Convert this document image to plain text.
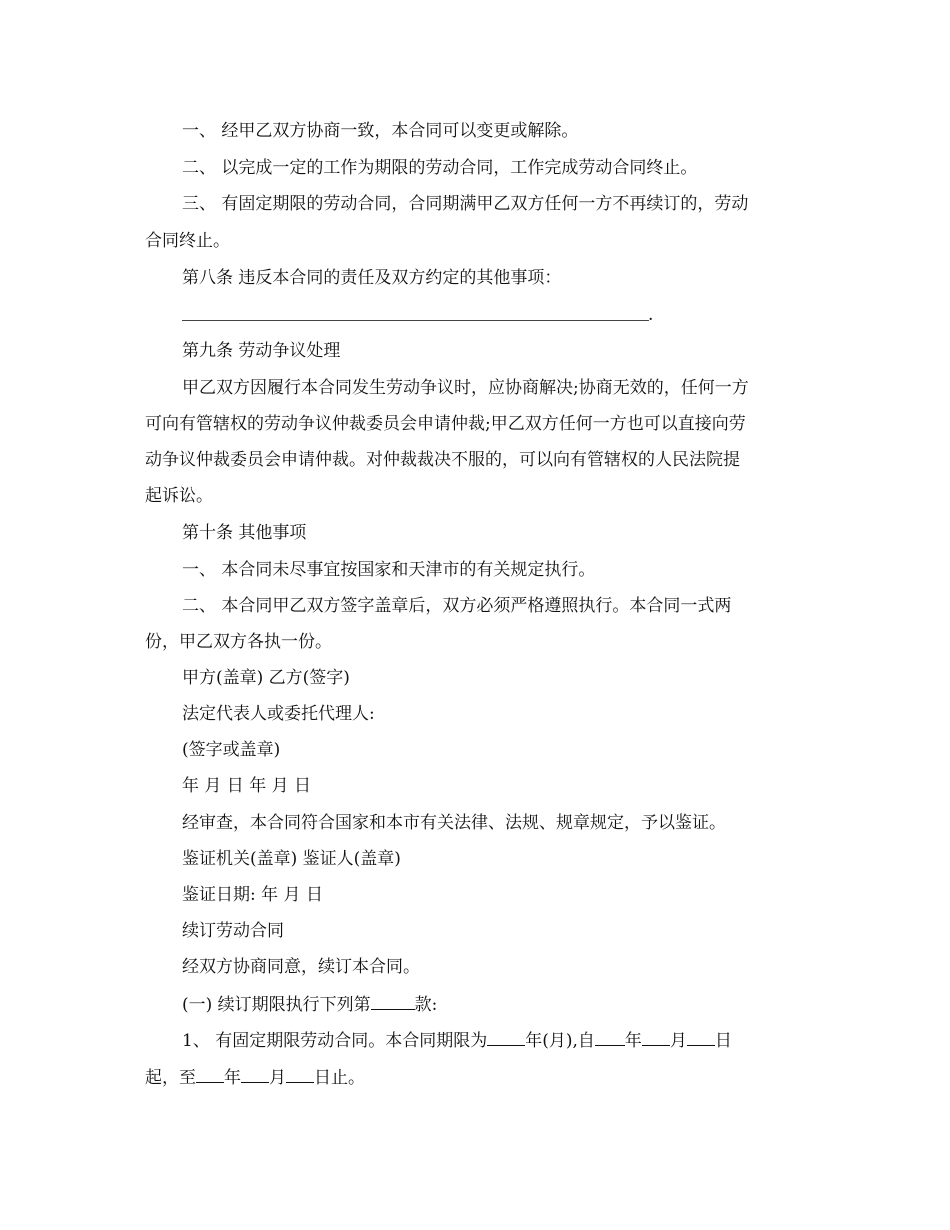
一、 经甲乙双方协商一致，本合同可以变更或解除。
二、 以完成一定的工作为期限的劳动合同，工作完成劳动合同终止。
三、 有固定期限的劳动合同，合同期满甲乙双方任何一方不再续订的，劳动
合同终止。
第八条 违反本合同的责任及双方约定的其他事项：
.
第九条 劳动争议处理
甲乙双方因履行本合同发生劳动争议时，应协商解决;协商无效的，任何一方
可向有管辖权的劳动争议仲裁委员会申请仲裁;甲乙双方任何一方也可以直接向劳
动争议仲裁委员会申请仲裁。对仲裁裁决不服的，可以向有管辖权的人民法院提
起诉讼。
第十条 其他事项
一、 本合同未尽事宜按国家和天津市的有关规定执行。
二、 本合同甲乙双方签字盖章后，双方必须严格遵照执行。本合同一式两
份，甲乙双方各执一份。
甲方(盖章) 乙方(签字)
法定代表人或委托代理人:
(签字或盖章)
年 月 日 年 月 日
经审查，本合同符合国家和本市有关法律、法规、规章规定，予以鉴证。
鉴证机关(盖章) 鉴证人(盖章)
鉴证日期: 年 月 日
续订劳动合同
经双方协商同意，续订本合同。
(一) 续订期限执行下列第	款:
1、 有固定期限劳动合同。本合同期限为 年(月),自 年 月 日
起，至 年 月 日止。
